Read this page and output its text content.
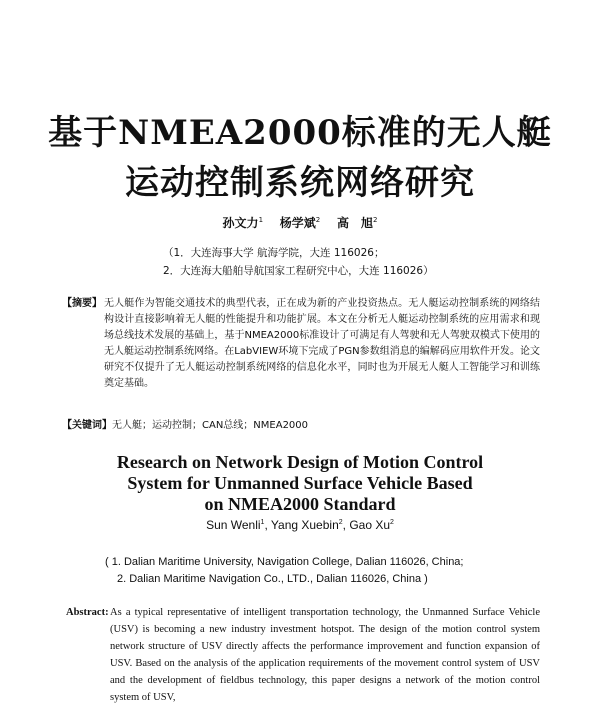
基于NMEA2000标准的无人艇
运动控制系统网络研究
孙文力$^1$ 杨学斌$^2$ 高　旭$^2$
（1．大连海事大学 航海学院，大连 116026；
2．大连海大船舶导航国家工程研究中心，大连 116026）
【摘要】 无人艇作为智能交通技术的典型代表，正在成为新的产业投资热点。无人艇运动控制系统的网络结构设计直接影响着无人艇的性能提升和功能扩展。本文在分析无人艇运动控制系统的应用需求和现场总线技术发展的基础上，基于NMEA2000标准设计了可满足有人驾驶和无人驾驶双模式下使用的无人艇运动控制系统网络。在LabVIEW环境下完成了PGN参数组消息的编解码应用软件开发。论文研究不仅提升了无人艇运动控制系统网络的信息化水平，同时也为开展无人艇人工智能学习和训练奠定基础。
【关键词】无人艇；运动控制；CAN总线；NMEA2000
Research on Network Design of Motion Control
System for Unmanned Surface Vehicle Based
on NMEA2000 Standard
Sun Wenli$^1$, Yang Xuebin$^2$, Gao Xu$^2$
( 1. Dalian Maritime University, Navigation College, Dalian 116026, China;
2. Dalian Maritime Navigation Co., LTD., Dalian 116026, China )
Abstract: As a typical representative of intelligent transportation technology, the Unmanned Surface Vehicle (USV) is becoming a new industry investment hotspot. The design of the motion control system network structure of USV directly affects the performance improvement and function expansion of USV. Based on the analysis of the application requirements of the movement control system of USV and the development of fieldbus technology, this paper designs a network of the motion control system of USV,
